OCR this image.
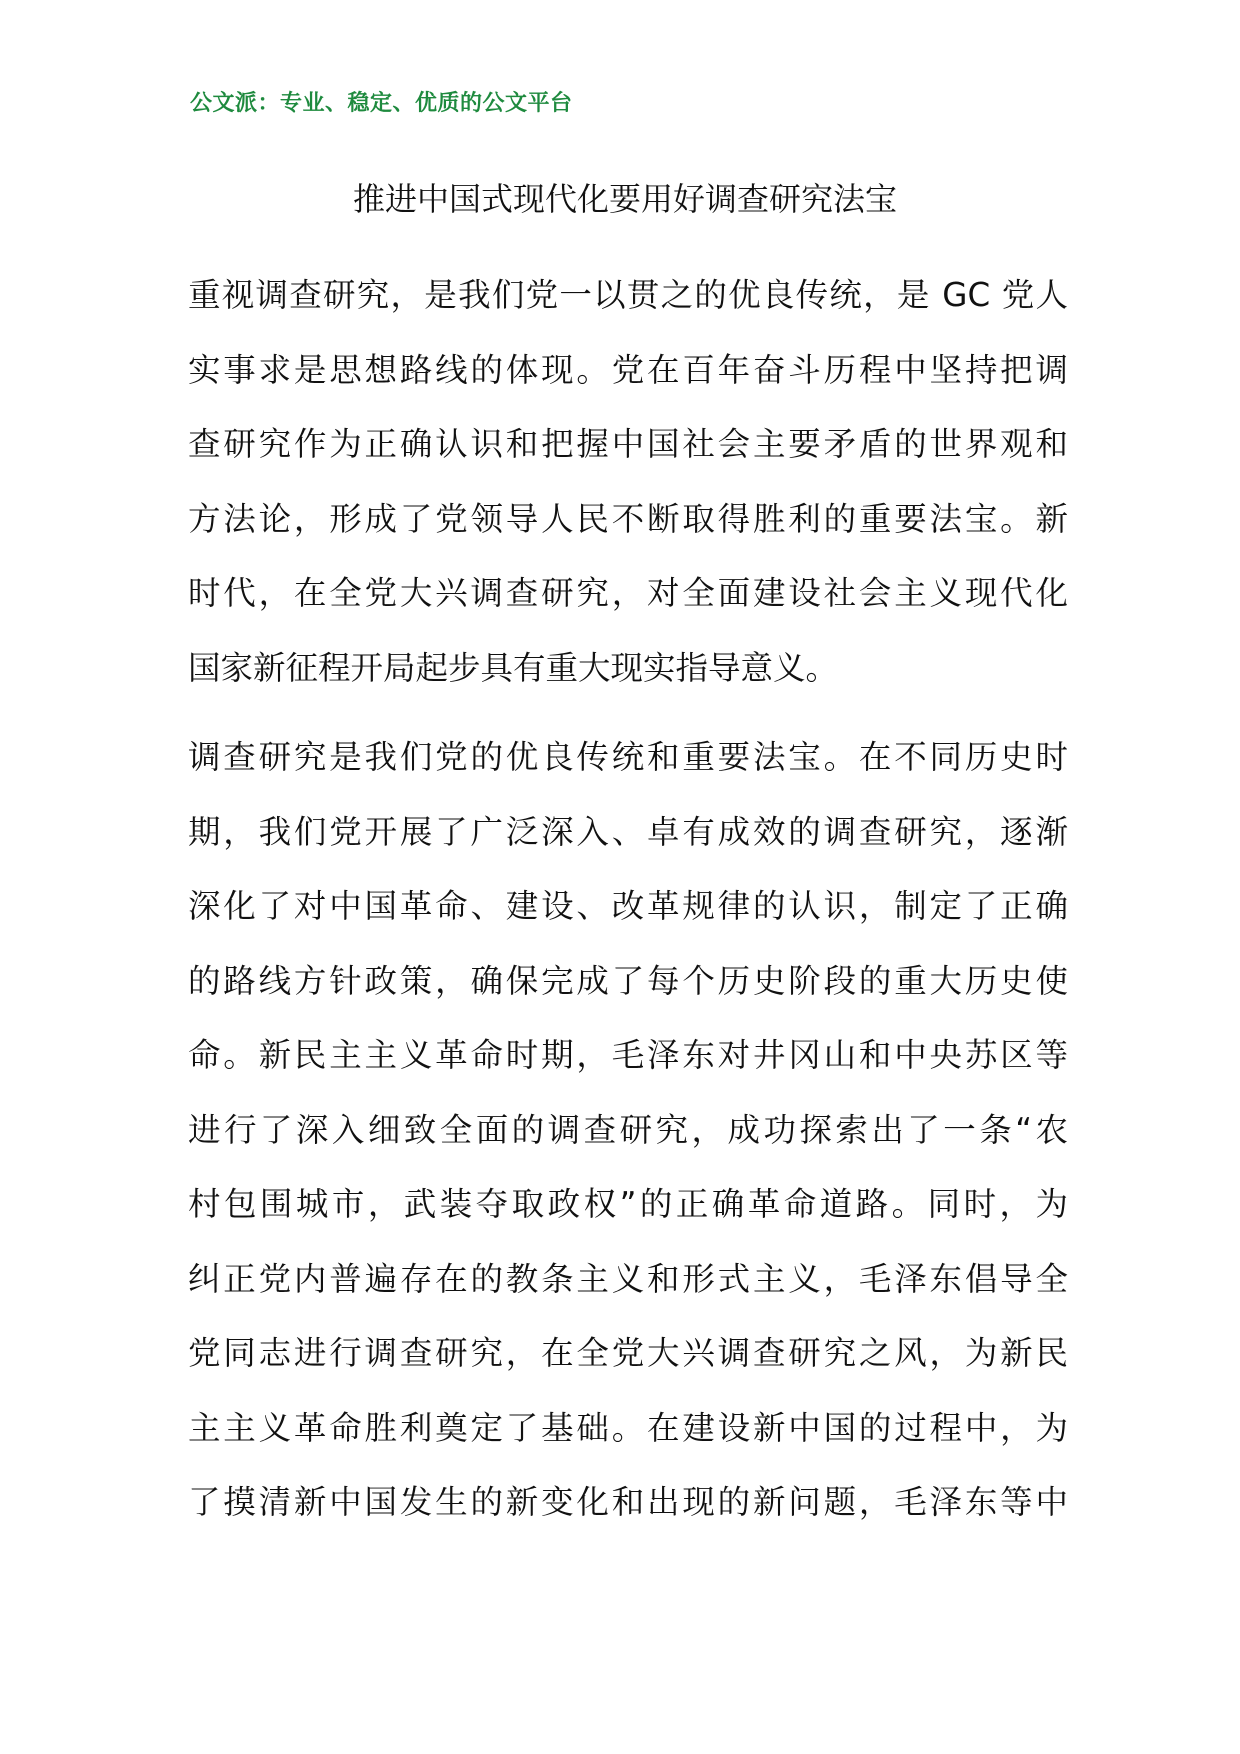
公文派：专业、稳定、优质的公文平台
推进中国式现代化要用好调查研究法宝

重视调查研究，是我们党一以贯之的优良传统，是 GC 党人
实事求是思想路线的体现。党在百年奋斗历程中坚持把调
查研究作为正确认识和把握中国社会主要矛盾的世界观和
方法论，形成了党领导人民不断取得胜利的重要法宝。新
时代，在全党大兴调查研究，对全面建设社会主义现代化
国家新征程开局起步具有重大现实指导意义。

调查研究是我们党的优良传统和重要法宝。在不同历史时
期，我们党开展了广泛深入、卓有成效的调查研究，逐渐
深化了对中国革命、建设、改革规律的认识，制定了正确
的路线方针政策，确保完成了每个历史阶段的重大历史使
命。新民主主义革命时期，毛泽东对井冈山和中央苏区等
进行了深入细致全面的调查研究，成功探索出了一条“农
村包围城市，武装夺取政权”的正确革命道路。同时，为
纠正党内普遍存在的教条主义和形式主义，毛泽东倡导全
党同志进行调查研究，在全党大兴调查研究之风，为新民
主主义革命胜利奠定了基础。在建设新中国的过程中，为
了摸清新中国发生的新变化和出现的新问题，毛泽东等中
